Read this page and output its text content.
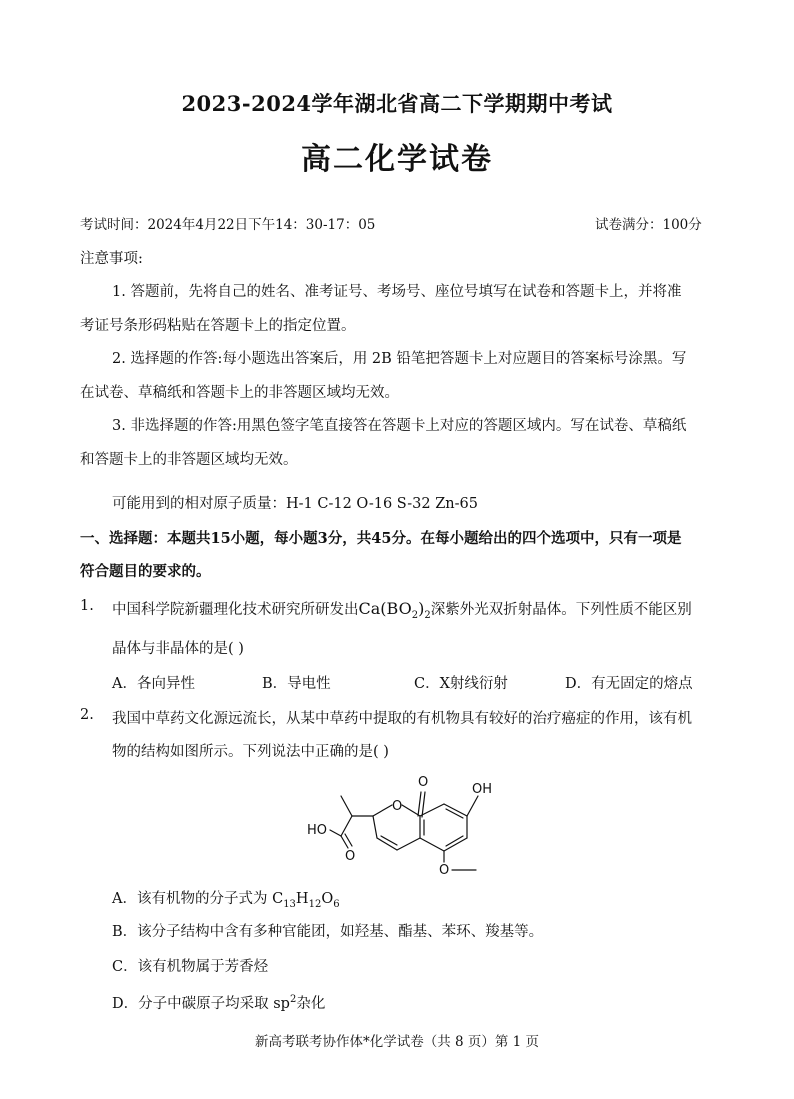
2023-2024学年湖北省高二下学期期中考试
高二化学试卷
考试时间：2024年4月22日下午14：30-17：05	试卷满分：100分
注意事项:
1. 答题前，先将自己的姓名、准考证号、考场号、座位号填写在试卷和答题卡上，并将准
考证号条形码粘贴在答题卡上的指定位置。
2. 选择题的作答:每小题选出答案后，用 2B 铅笔把答题卡上对应题目的答案标号涂黑。写
在试卷、草稿纸和答题卡上的非答题区域均无效。
3. 非选择题的作答:用黑色签字笔直接答在答题卡上对应的答题区域内。写在试卷、草稿纸
和答题卡上的非答题区域均无效。
可能用到的相对原子质量：H-1 C-12 O-16 S-32 Zn-65
一、选择题：本题共15小题，每小题3分，共45分。在每小题给出的四个选项中，只有一项是
符合题目的要求的。
1. 中国科学院新疆理化技术研究所研发出$Ca(BO_2)_2$深紫外光双折射晶体。下列性质不能区别
晶体与非晶体的是( )
A．各向异性	B．导电性	C．X射线衍射	D．有无固定的熔点
2. 我国中草药文化源远流长，从某中草药中提取的有机物具有较好的治疗癌症的作用，该有机
物的结构如图所示。下列说法中正确的是( )
O	OH
O
HO
O
O
A．该有机物的分子式为 $C_{13}H_{12}O_6$
B．该分子结构中含有多种官能团，如羟基、酯基、苯环、羧基等。
C．该有机物属于芳香烃
D．分子中碳原子均采取 $sp^2$杂化
新高考联考协作体*化学试卷（共 8 页）第 1 页
